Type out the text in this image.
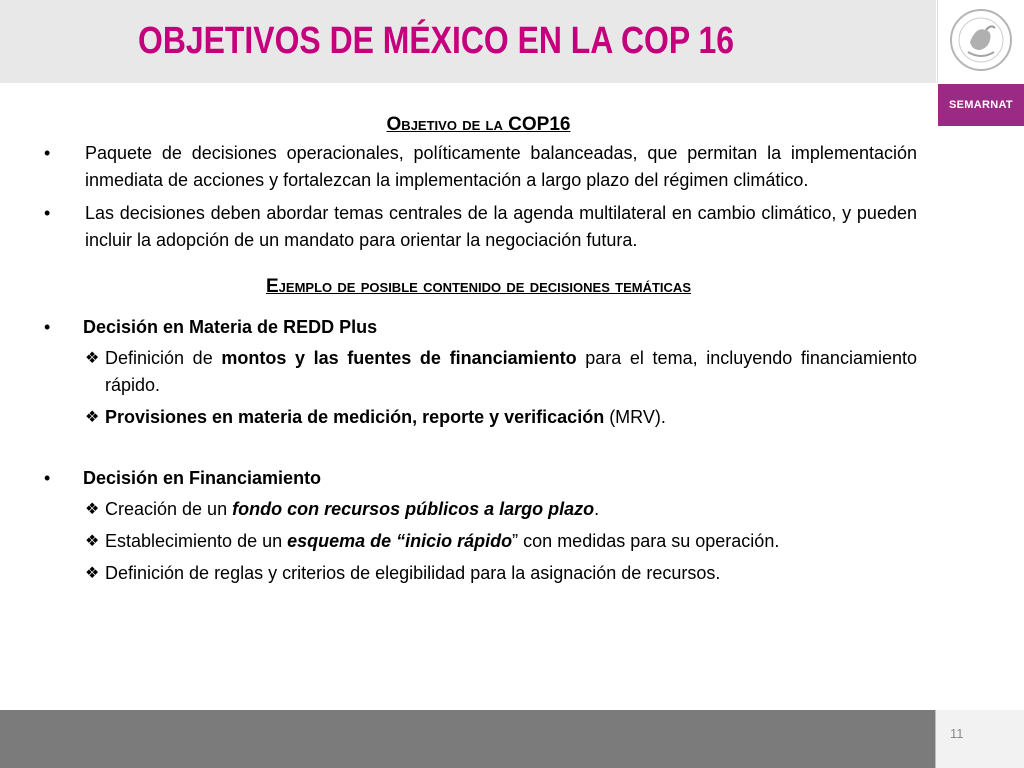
OBJETIVOS DE MÉXICO EN LA COP 16
SEMARNAT
Objetivo de la COP16
• Paquete de decisiones operacionales, políticamente balanceadas, que permitan la implementación inmediata de acciones y fortalezcan la implementación a largo plazo del régimen climático.
• Las decisiones deben abordar temas centrales de la agenda multilateral en cambio climático, y pueden incluir la adopción de un mandato para orientar la negociación futura.
Ejemplo de posible contenido de decisiones temáticas
• Decisión en Materia de REDD Plus
❖ Definición de montos y las fuentes de financiamiento para el tema, incluyendo financiamiento rápido.
❖ Provisiones en materia de medición, reporte y verificación (MRV).
• Decisión en Financiamiento
❖ Creación de un fondo con recursos públicos a largo plazo.
❖ Establecimiento de un esquema de “inicio rápido” con medidas para su operación.
❖ Definición de reglas y criterios de elegibilidad para la asignación de recursos.
11
